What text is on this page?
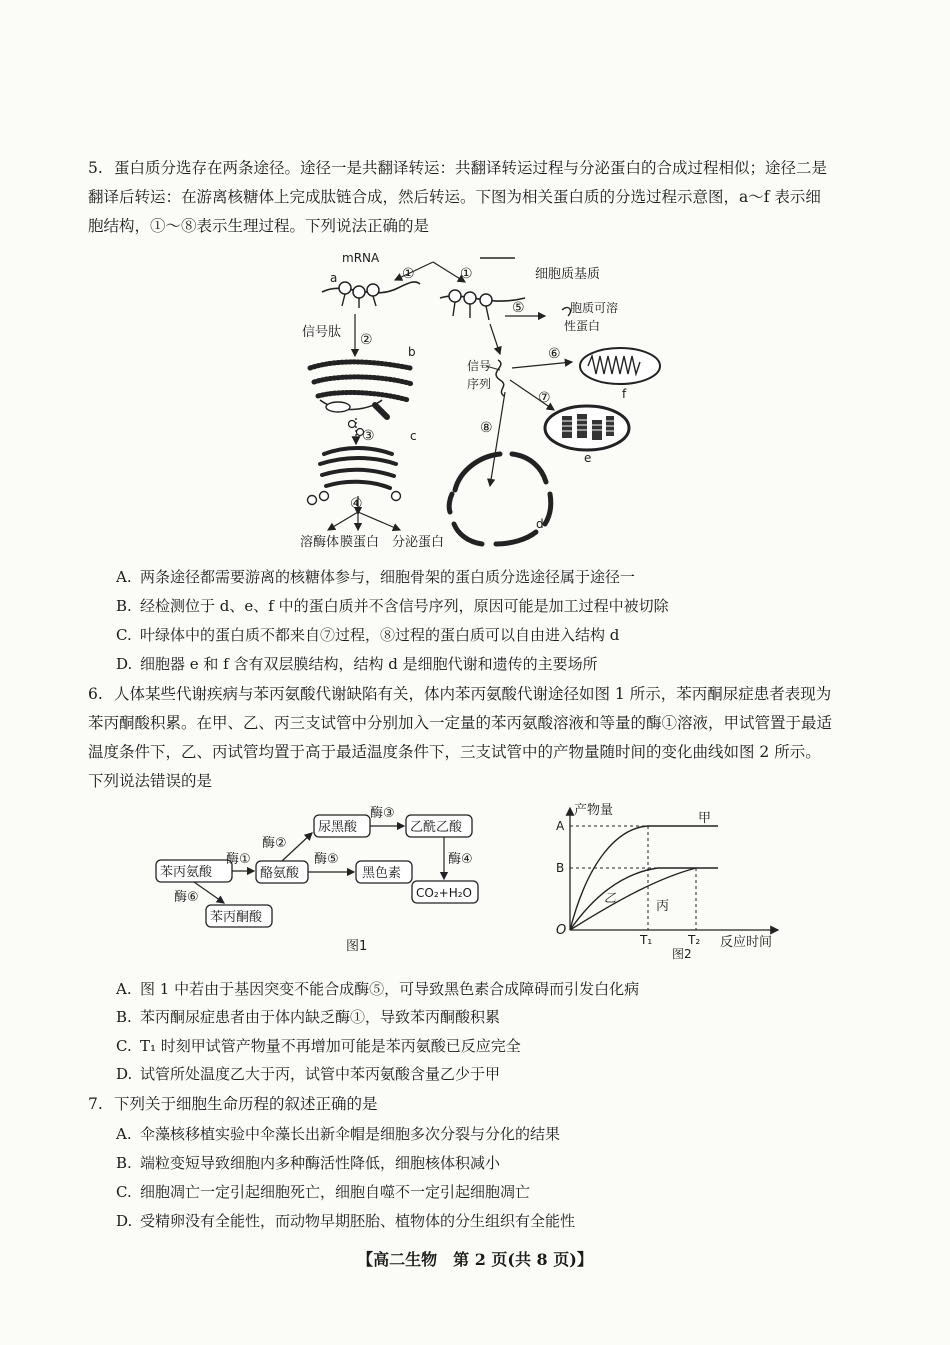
5. 蛋白质分选存在两条途径。途径一是共翻译转运：共翻译转运过程与分泌蛋白的合成过程相似；途径二是翻译后转运：在游离核糖体上完成肽链合成，然后转运。下图为相关蛋白质的分选过程示意图，a～f 表示细胞结构，①～⑧表示生理过程。下列说法正确的是
mRNA
a	①	①	细胞质基质
信号肽 ②
b
③	c
④
溶酶体 膜蛋白 分泌蛋白
⑤	胞质可溶
性蛋白
信号
序列
⑥
f
⑦
e
⑧
d
A. 两条途径都需要游离的核糖体参与，细胞骨架的蛋白质分选途径属于途径一
B. 经检测位于 d、e、f 中的蛋白质并不含信号序列，原因可能是加工过程中被切除
C. 叶绿体中的蛋白质不都来自⑦过程，⑧过程的蛋白质可以自由进入结构 d
D. 细胞器 e 和 f 含有双层膜结构，结构 d 是细胞代谢和遗传的主要场所
6. 人体某些代谢疾病与苯丙氨酸代谢缺陷有关，体内苯丙氨酸代谢途径如图 1 所示，苯丙酮尿症患者表现为苯丙酮酸积累。在甲、乙、丙三支试管中分别加入一定量的苯丙氨酸溶液和等量的酶①溶液，甲试管置于最适温度条件下，乙、丙试管均置于高于最适温度条件下，三支试管中的产物量随时间的变化曲线如图 2 所示。下列说法错误的是
苯丙氨酸	酪氨酸
尿黑酸	乙酰乙酸
黑色素
CO₂+H₂O
苯丙酮酸
酶①
酶②
酶③
酶④
酶⑤
酶⑥
图1
产物量
反应时间
O
A
B
T₁	T₂
甲
乙
丙
图2
A. 图 1 中若由于基因突变不能合成酶⑤，可导致黑色素合成障碍而引发白化病
B. 苯丙酮尿症患者由于体内缺乏酶①，导致苯丙酮酸积累
C. T₁ 时刻甲试管产物量不再增加可能是苯丙氨酸已反应完全
D. 试管所处温度乙大于丙，试管中苯丙氨酸含量乙少于甲
7. 下列关于细胞生命历程的叙述正确的是
A. 伞藻核移植实验中伞藻长出新伞帽是细胞多次分裂与分化的结果
B. 端粒变短导致细胞内多种酶活性降低，细胞核体积减小
C. 细胞凋亡一定引起细胞死亡，细胞自噬不一定引起细胞凋亡
D. 受精卵没有全能性，而动物早期胚胎、植物体的分生组织有全能性
【高二生物　第 2 页(共 8 页)】
